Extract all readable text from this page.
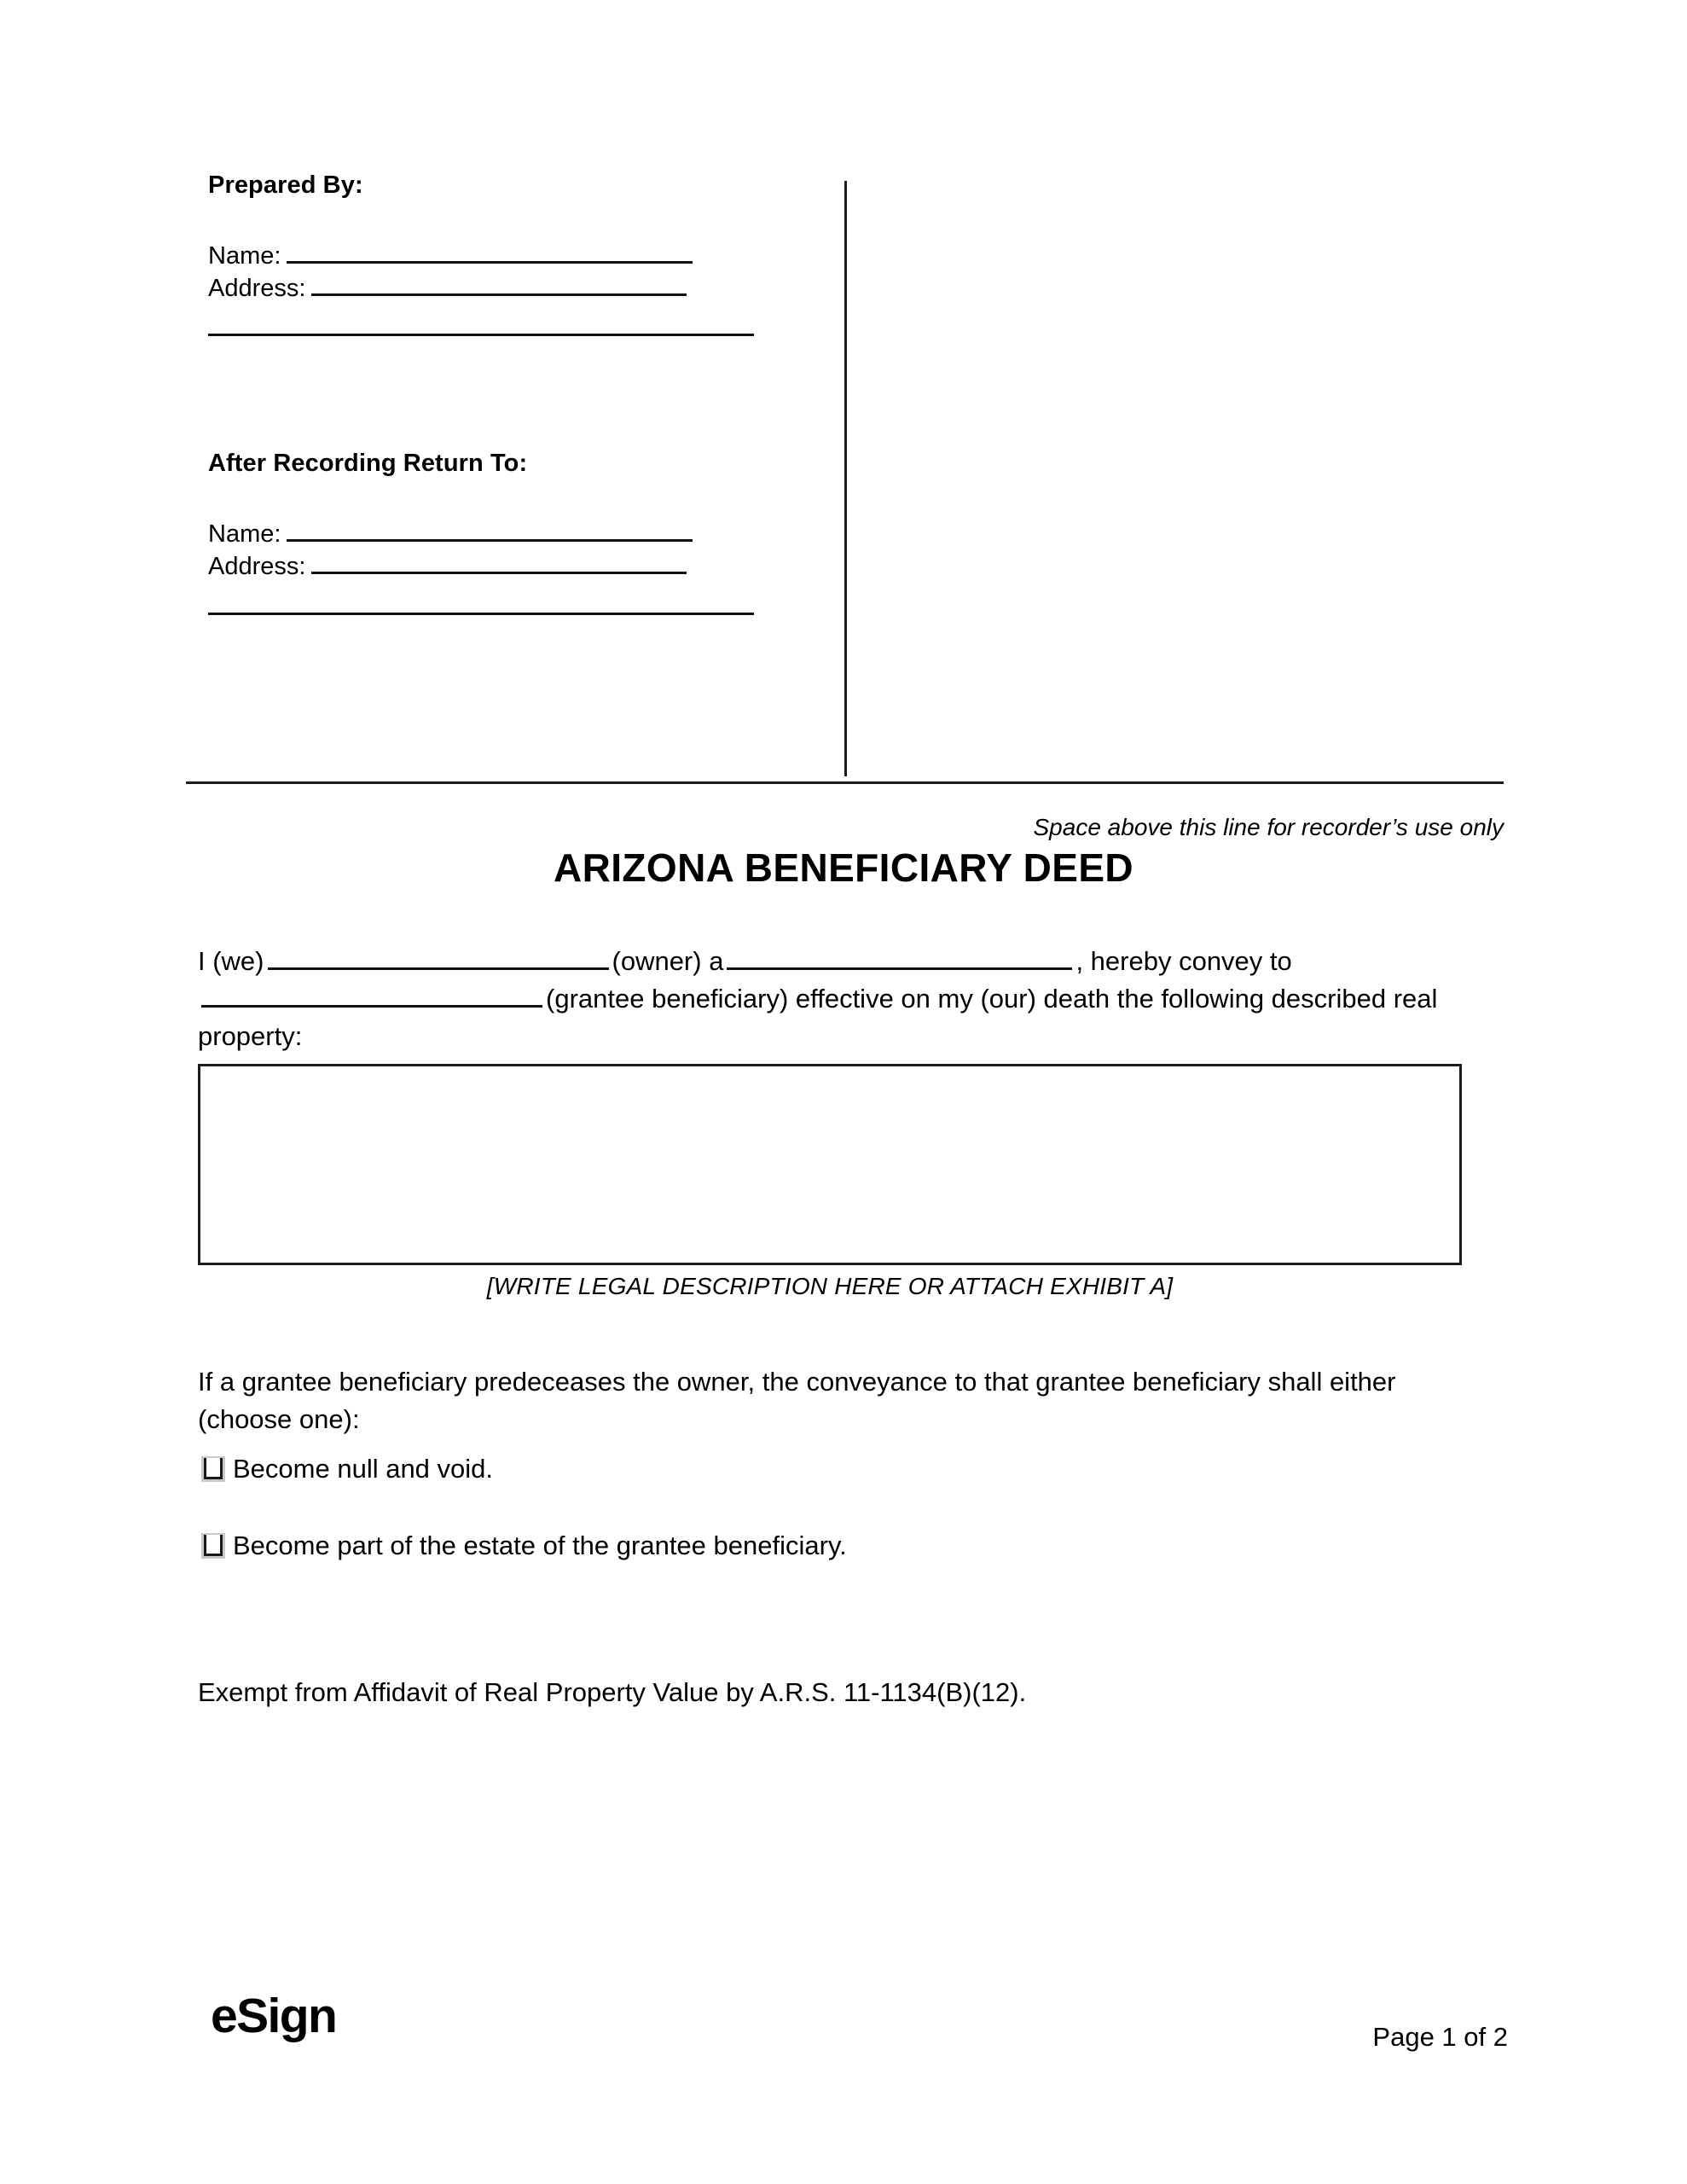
Prepared By:

Name:

Address:

After Recording Return To:

Name:

Address:

Space above this line for recorder’s use only

ARIZONA BENEFICIARY DEED

I (we)	(owner) a	, hereby convey to(grantee beneficiary) effective on my (our) death the following described real property:

[WRITE LEGAL DESCRIPTION HERE OR ATTACH EXHIBIT A]

If a grantee beneficiary predeceases the owner, the conveyance to that grantee beneficiary shall either (choose one):

Become null and void.
Become part of the estate of the grantee beneficiary.

Exempt from Affidavit of Real Property Value by A.R.S. 11-1134(B)(12).

eSign	Page 1 of 2
